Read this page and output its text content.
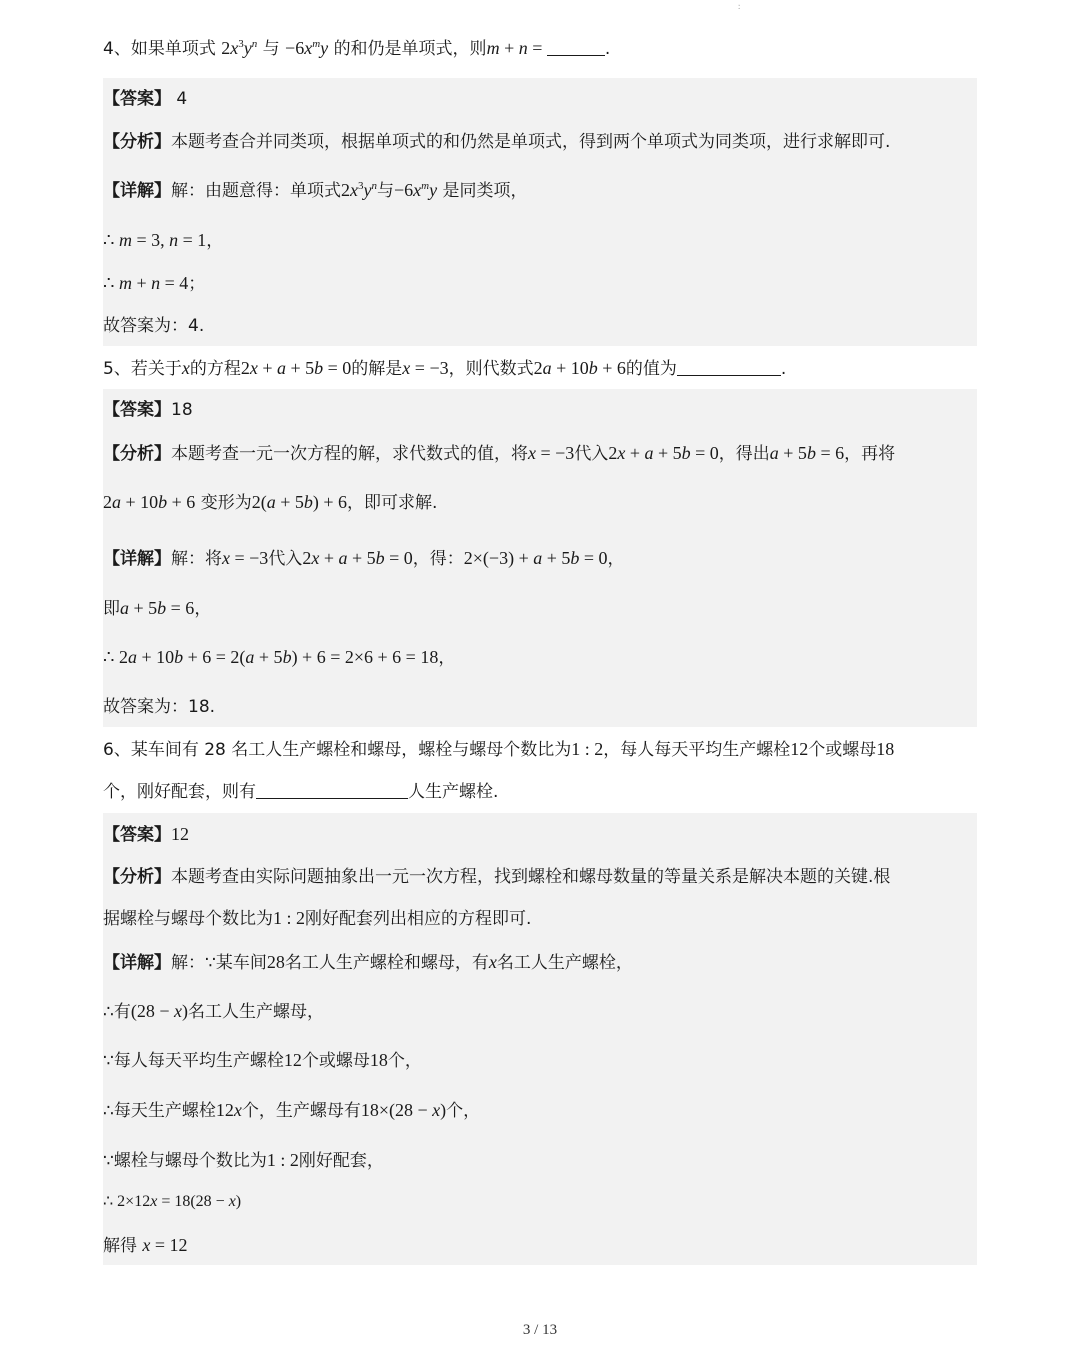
ː
4、如果单项式 $2x^3y^n$ 与 $-6x^my$ 的和仍是单项式，则m + n =	.
【答案】 4
【分析】本题考查合并同类项，根据单项式的和仍然是单项式，得到两个单项式为同类项，进行求解即可.
【详解】解：由题意得：单项式$2x^3y^n$与$-6x^my$ 是同类项，
∴ m = 3, n = 1，
∴ m + n = 4；
故答案为：4.
5、若关于x的方程2x + a + 5b = 0的解是x = −3，则代数式2a + 10b + 6的值为	.
【答案】18
【分析】本题考查一元一次方程的解，求代数式的值，将x = −3代入2x + a + 5b = 0，得出a + 5b = 6，再将
2a + 10b + 6 变形为2(a + 5b) + 6，即可求解.
【详解】解：将x = −3代入2x + a + 5b = 0，得：2×(−3) + a + 5b = 0，
即a + 5b = 6，
∴ 2a + 10b + 6 = 2(a + 5b) + 6 = 2×6 + 6 = 18，
故答案为：18.
6、某车间有 28 名工人生产螺栓和螺母，螺栓与螺母个数比为1 : 2，每人每天平均生产螺栓12个或螺母18
个，刚好配套，则有	人生产螺栓.
【答案】12
【分析】本题考查由实际问题抽象出一元一次方程，找到螺栓和螺母数量的等量关系是解决本题的关键.根
据螺栓与螺母个数比为1 : 2刚好配套列出相应的方程即可.
【详解】解：∵某车间28名工人生产螺栓和螺母，有x名工人生产螺栓，
∴有(28 − x)名工人生产螺母，
∵每人每天平均生产螺栓12个或螺母18个，
∴每天生产螺栓12x个，生产螺母有18×(28 − x)个，
∵螺栓与螺母个数比为1 : 2刚好配套，
∴ 2×12x = 18(28 − x)
解得 x = 12
3 / 13
